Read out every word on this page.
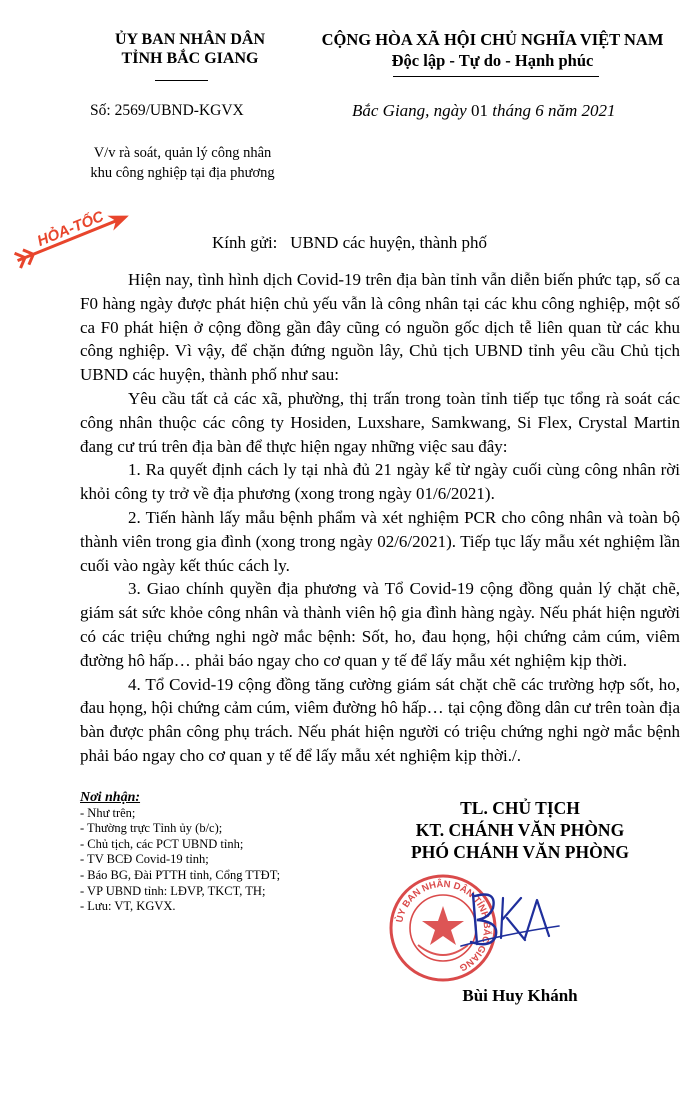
ỦY BAN NHÂN DÂN
TỈNH BẮC GIANG
Số: 2569/UBND-KGVX
V/v rà soát, quản lý công nhân
khu công nghiệp tại địa phương
CỘNG HÒA XÃ HỘI CHỦ NGHĨA VIỆT NAM
Độc lập - Tự do - Hạnh phúc
Bắc Giang, ngày 01 tháng 6 năm 2021
HỎA-TỐC	Kính gửi: UBND các huyện, thành phố

Hiện nay, tình hình dịch Covid-19 trên địa bàn tỉnh vẫn diễn biến phức tạp, số ca F0 hàng ngày được phát hiện chủ yếu vẫn là công nhân tại các khu công nghiệp, một số ca F0 phát hiện ở cộng đồng gần đây cũng có nguồn gốc dịch tễ liên quan từ các khu công nghiệp. Vì vậy, để chặn đứng nguồn lây, Chủ tịch UBND tỉnh yêu cầu Chủ tịch UBND các huyện, thành phố như sau:

Yêu cầu tất cả các xã, phường, thị trấn trong toàn tỉnh tiếp tục tổng rà soát các công nhân thuộc các công ty Hosiden, Luxshare, Samkwang, Si Flex, Crystal Martin đang cư trú trên địa bàn để thực hiện ngay những việc sau đây:

1. Ra quyết định cách ly tại nhà đủ 21 ngày kể từ ngày cuối cùng công nhân rời khỏi công ty trở về địa phương (xong trong ngày 01/6/2021).

2. Tiến hành lấy mẫu bệnh phẩm và xét nghiệm PCR cho công nhân và toàn bộ thành viên trong gia đình (xong trong ngày 02/6/2021). Tiếp tục lấy mẫu xét nghiệm lần cuối vào ngày kết thúc cách ly.

3. Giao chính quyền địa phương và Tổ Covid-19 cộng đồng quản lý chặt chẽ, giám sát sức khỏe công nhân và thành viên hộ gia đình hàng ngày. Nếu phát hiện người có các triệu chứng nghi ngờ mắc bệnh: Sốt, ho, đau họng, hội chứng cảm cúm, viêm đường hô hấp… phải báo ngay cho cơ quan y tế để lấy mẫu xét nghiệm kịp thời.

4. Tổ Covid-19 cộng đồng tăng cường giám sát chặt chẽ các trường hợp sốt, ho, đau họng, hội chứng cảm cúm, viêm đường hô hấp… tại cộng đồng dân cư trên toàn địa bàn được phân công phụ trách. Nếu phát hiện người có triệu chứng nghi ngờ mắc bệnh phải báo ngay cho cơ quan y tế để lấy mẫu xét nghiệm kịp thời./.

Nơi nhận:
- Như trên;
- Thường trực Tỉnh ủy (b/c);
- Chủ tịch, các PCT UBND tỉnh;
- TV BCĐ Covid-19 tỉnh;
- Báo BG, Đài PTTH tỉnh, Cổng TTĐT;
- VP UBND tỉnh: LĐVP, TKCT, TH;
- Lưu: VT, KGVX.
TL. CHỦ TỊCH
KT. CHÁNH VĂN PHÒNG
PHÓ CHÁNH VĂN PHÒNG
ỦY BAN NHÂN DÂN TỈNH BẮC GIANG
Bùi Huy Khánh
